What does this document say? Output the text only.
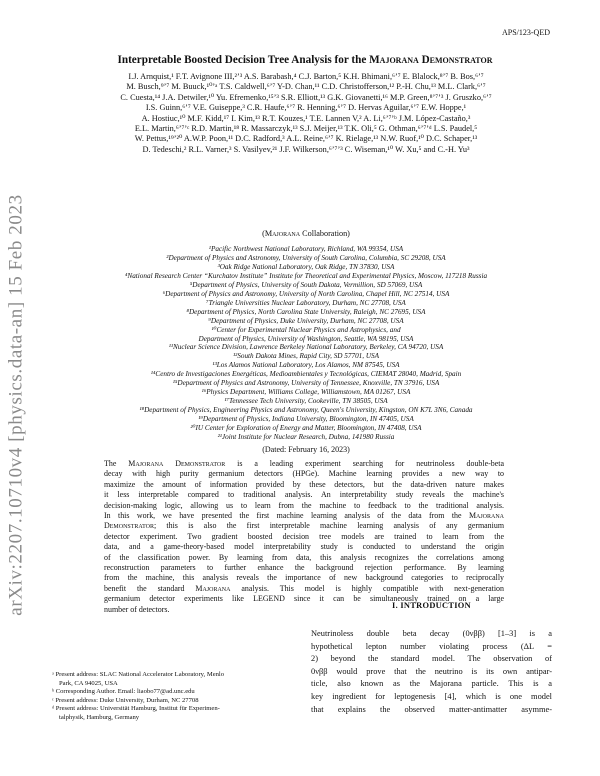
arXiv:2207.10710v4 [physics.data-an] 15 Feb 2023
APS/123-QED
Interpretable Boosted Decision Tree Analysis for the Majorana Demonstrator

I.J. Arnquist,¹ F.T. Avignone III,²ʼ³ A.S. Barabash,⁴ C.J. Barton,⁵ K.H. Bhimani,⁶ʼ⁷ E. Blalock,⁸ʼ⁷ B. Bos,⁶ʼ⁷

M. Busch,⁹ʼ⁷ M. Buuck,¹⁰ʼᵃ T.S. Caldwell,⁶ʼ⁷ Y-D. Chan,¹¹ C.D. Christofferson,¹² P.-H. Chu,¹³ M.L. Clark,⁶ʼ⁷

C. Cuesta,¹⁴ J.A. Detwiler,¹⁰ Yu. Efremenko,¹⁵ʼ³ S.R. Elliott,¹³ G.K. Giovanetti,¹⁶ M.P. Green,⁸ʼ⁷ʼ³ J. Gruszko,⁶ʼ⁷

I.S. Guinn,⁶ʼ⁷ V.E. Guiseppe,³ C.R. Haufe,⁶ʼ⁷ R. Henning,⁶ʼ⁷ D. Hervas Aguilar,⁶ʼ⁷ E.W. Hoppe,¹

A. Hostiuc,¹⁰ M.F. Kidd,¹⁷ I. Kim,¹³ R.T. Kouzes,¹ T.E. Lannen V,² A. Li,⁶ʼ⁷ʼᵇ J.M. López-Castaño,³

E.L. Martin,⁶ʼ⁷ʼᶜ R.D. Martin,¹⁸ R. Massarczyk,¹³ S.J. Meijer,¹³ T.K. Oli,⁵ G. Othman,⁶ʼ⁷ʼᵈ L.S. Paudel,⁵

W. Pettus,¹⁹ʼ²⁰ A.W.P. Poon,¹¹ D.C. Radford,³ A.L. Reine,⁶ʼ⁷ K. Rielage,¹³ N.W. Ruof,¹⁰ D.C. Schaper,¹³

D. Tedeschi,² R.L. Varner,³ S. Vasilyev,²¹ J.F. Wilkerson,⁶ʼ⁷ʼ³ C. Wiseman,¹⁰ W. Xu,⁵ and C.-H. Yu³

(Majorana Collaboration)

¹Pacific Northwest National Laboratory, Richland, WA 99354, USA

²Department of Physics and Astronomy, University of South Carolina, Columbia, SC 29208, USA

³Oak Ridge National Laboratory, Oak Ridge, TN 37830, USA

⁴National Research Center “Kurchatov Institute” Institute for Theoretical and Experimental Physics, Moscow, 117218 Russia

⁵Department of Physics, University of South Dakota, Vermillion, SD 57069, USA

⁶Department of Physics and Astronomy, University of North Carolina, Chapel Hill, NC 27514, USA

⁷Triangle Universities Nuclear Laboratory, Durham, NC 27708, USA

⁸Department of Physics, North Carolina State University, Raleigh, NC 27695, USA

⁹Department of Physics, Duke University, Durham, NC 27708, USA

¹⁰Center for Experimental Nuclear Physics and Astrophysics, and

Department of Physics, University of Washington, Seattle, WA 98195, USA

¹¹Nuclear Science Division, Lawrence Berkeley National Laboratory, Berkeley, CA 94720, USA

¹²South Dakota Mines, Rapid City, SD 57701, USA

¹³Los Alamos National Laboratory, Los Alamos, NM 87545, USA

¹⁴Centro de Investigaciones Energéticas, Medioambientales y Tecnológicas, CIEMAT 28040, Madrid, Spain

¹⁵Department of Physics and Astronomy, University of Tennessee, Knoxville, TN 37916, USA

¹⁶Physics Department, Williams College, Williamstown, MA 01267, USA

¹⁷Tennessee Tech University, Cookeville, TN 38505, USA

¹⁸Department of Physics, Engineering Physics and Astronomy, Queen's University, Kingston, ON K7L 3N6, Canada

¹⁹Department of Physics, Indiana University, Bloomington, IN 47405, USA

²⁰IU Center for Exploration of Energy and Matter, Bloomington, IN 47408, USA

²¹Joint Institute for Nuclear Research, Dubna, 141980 Russia

(Dated: February 16, 2023)

The Majorana Demonstrator is a leading experiment searching for neutrinoless double-beta

decay with high purity germanium detectors (HPGe). Machine learning provides a new way to

maximize the amount of information provided by these detectors, but the data-driven nature makes

it less interpretable compared to traditional analysis. An interpretability study reveals the machine's

decision-making logic, allowing us to learn from the machine to feedback to the traditional analysis.

In this work, we have presented the first machine learning analysis of the data from the Majorana

Demonstrator; this is also the first interpretable machine learning analysis of any germanium

detector experiment. Two gradient boosted decision tree models are trained to learn from the

data, and a game-theory-based model interpretability study is conducted to understand the origin

of the classification power. By learning from data, this analysis recognizes the correlations among

reconstruction parameters to further enhance the background rejection performance. By learning

from the machine, this analysis reveals the importance of new background categories to reciprocally

benefit the standard Majorana analysis. This model is highly compatible with next-generation

germanium detector experiments like LEGEND since it can be simultaneously trained on a large

number of detectors.	I. INTRODUCTION

Neutrinoless double beta decay (0νββ) [1–3] is a

hypothetical lepton number violating process (ΔL =

2) beyond the standard model. The observation of

0νββ would prove that the neutrino is its own antipar-

ticle, also known as the Majorana particle. This is a

key ingredient for leptogenesis [4], which is one model

that explains the observed matter-antimatter asymme-

ᵃ Present address: SLAC National Accelerator Laboratory, Menlo

Park, CA 94025, USA

ᵇ Corresponding Author. Email: liaobo77@ad.unc.edu

ᶜ Present address: Duke University, Durham, NC 27708

ᵈ Present address: Universität Hamburg, Institut für Experimen-

talphysik, Hamburg, Germany
